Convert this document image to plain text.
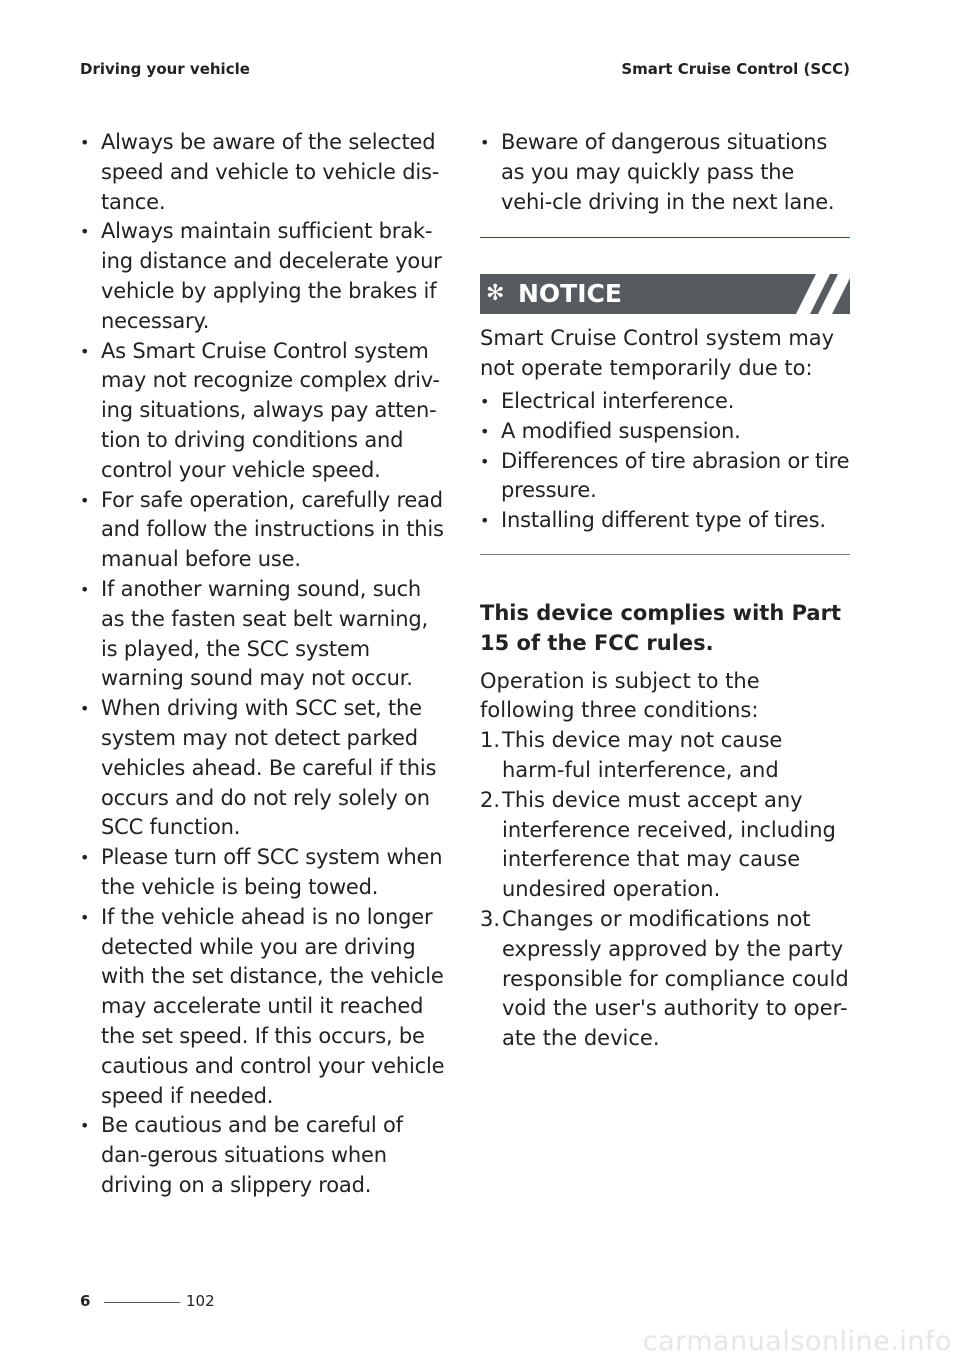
Driving your vehicle	Smart Cruise Control (SCC)
• Always be aware of the selected speed and vehicle to vehicle dis-tance.
• Always maintain sufficient brak-ing distance and decelerate your vehicle by applying the brakes if necessary.
• As Smart Cruise Control system may not recognize complex driv-ing situations, always pay atten-tion to driving conditions and control your vehicle speed.
• For safe operation, carefully read and follow the instructions in this manual before use.
• If another warning sound, such as the fasten seat belt warning, is played, the SCC system warning sound may not occur.
• When driving with SCC set, the system may not detect parked vehicles ahead. Be careful if this occurs and do not rely solely on SCC function.
• Please turn off SCC system when the vehicle is being towed.
• If the vehicle ahead is no longer detected while you are driving with the set distance, the vehicle may accelerate until it reached the set speed. If this occurs, be cautious and control your vehicle speed if needed.
• Be cautious and be careful of dan-gerous situations when driving on a slippery road.
• Beware of dangerous situations as you may quickly pass the vehi-cle driving in the next lane.
✻ NOTICE

Smart Cruise Control system may not operate temporarily due to:

• Electrical interference.
• A modified suspension.
• Differences of tire abrasion or tire pressure.
• Installing different type of tires.

This device complies with Part 15 of the FCC rules.

Operation is subject to the following three conditions:

1. This device may not cause harm-ful interference, and
2. This device must accept any interference received, including interference that may cause undesired operation.
3. Changes or modifications not expressly approved by the party responsible for compliance could void the user's authority to oper-ate the device.
6	102
carmanualsonline.info
